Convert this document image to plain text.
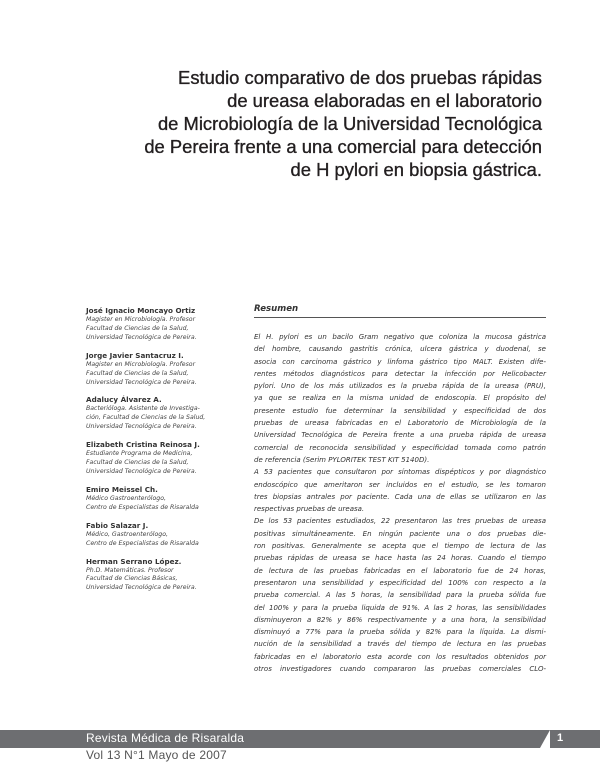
Estudio comparativo de dos pruebas rápidas
de ureasa elaboradas en el laboratorio
de Microbiología de la Universidad Tecnológica
de Pereira frente a una comercial para detección
de H pylori en biopsia gástrica.
José Ignacio Moncayo Ortiz
Magister en Microbiología. Profesor
Facultad de Ciencias de la Salud,
Universidad Tecnológica de Pereira.
Jorge Javier Santacruz I.
Magister en Microbiología. Profesor
Facultad de Ciencias de la Salud,
Universidad Tecnológica de Pereira.
Adalucy Álvarez A.
Bacterióloga. Asistente de Investiga-
ción, Facultad de Ciencias de la Salud,
Universidad Tecnológica de Pereira.
Elizabeth Cristina Reinosa J.
Estudiante Programa de Medicina,
Facultad de Ciencias de la Salud,
Universidad Tecnológica de Pereira.
Emiro Meissel Ch.
Médico Gastroenterólogo,
Centro de Especialistas de Risaralda
Fabio Salazar J.
Médico, Gastroenterólogo,
Centro de Especialistas de Risaralda
Herman Serrano López.
Ph.D. Matemáticas. Profesor
Facultad de Ciencias Básicas,
Universidad Tecnológica de Pereira.
Resumen
El H. pylori es un bacilo Gram negativo que coloniza la mucosa gástrica
del hombre, causando gastritis crónica, ulcera gástrica y duodenal, se
asocia con carcinoma gástrico y linfoma gástrico tipo MALT. Existen dife-
rentes métodos diagnósticos para detectar la infección por Helicobacter
pylori. Uno de los más utilizados es la prueba rápida de la ureasa (PRU),
ya que se realiza en la misma unidad de endoscopia. El propósito del
presente estudio fue determinar la sensibilidad y especificidad de dos
pruebas de ureasa fabricadas en el Laboratorio de Microbiología de la
Universidad Tecnológica de Pereira frente a una prueba rápida de ureasa
comercial de reconocida sensibilidad y especificidad tomada como patrón
de referencia (Serim PYLORITEK TEST KIT 5140D).
A 53 pacientes que consultaron por síntomas dispépticos y por diagnóstico
endoscópico que ameritaron ser incluidos en el estudio, se les tomaron
tres biopsias antrales por paciente. Cada una de ellas se utilizaron en las
respectivas pruebas de ureasa.
De los 53 pacientes estudiados, 22 presentaron las tres pruebas de ureasa
positivas simultáneamente. En ningún paciente una o dos pruebas die-
ron positivas. Generalmente se acepta que el tiempo de lectura de las
pruebas rápidas de ureasa se hace hasta las 24 horas. Cuando el tiempo
de lectura de las pruebas fabricadas en el laboratorio fue de 24 horas,
presentaron una sensibilidad y especificidad del 100% con respecto a la
prueba comercial. A las 5 horas, la sensibilidad para la prueba sólida fue
del 100% y para la prueba liquida de 91%. A las 2 horas, las sensibilidades
disminuyeron a 82% y 86% respectivamente y a una hora, la sensibilidad
disminuyó a 77% para la prueba sólida y 82% para la líquida. La dismi-
nución de la sensibilidad a través del tiempo de lectura en las pruebas
fabricadas en el laboratorio esta acorde con los resultados obtenidos por
otros investigadores cuando compararon las pruebas comerciales CLO-
Revista Médica de Risaralda
Vol 13 N°1 Mayo de 2007
1
